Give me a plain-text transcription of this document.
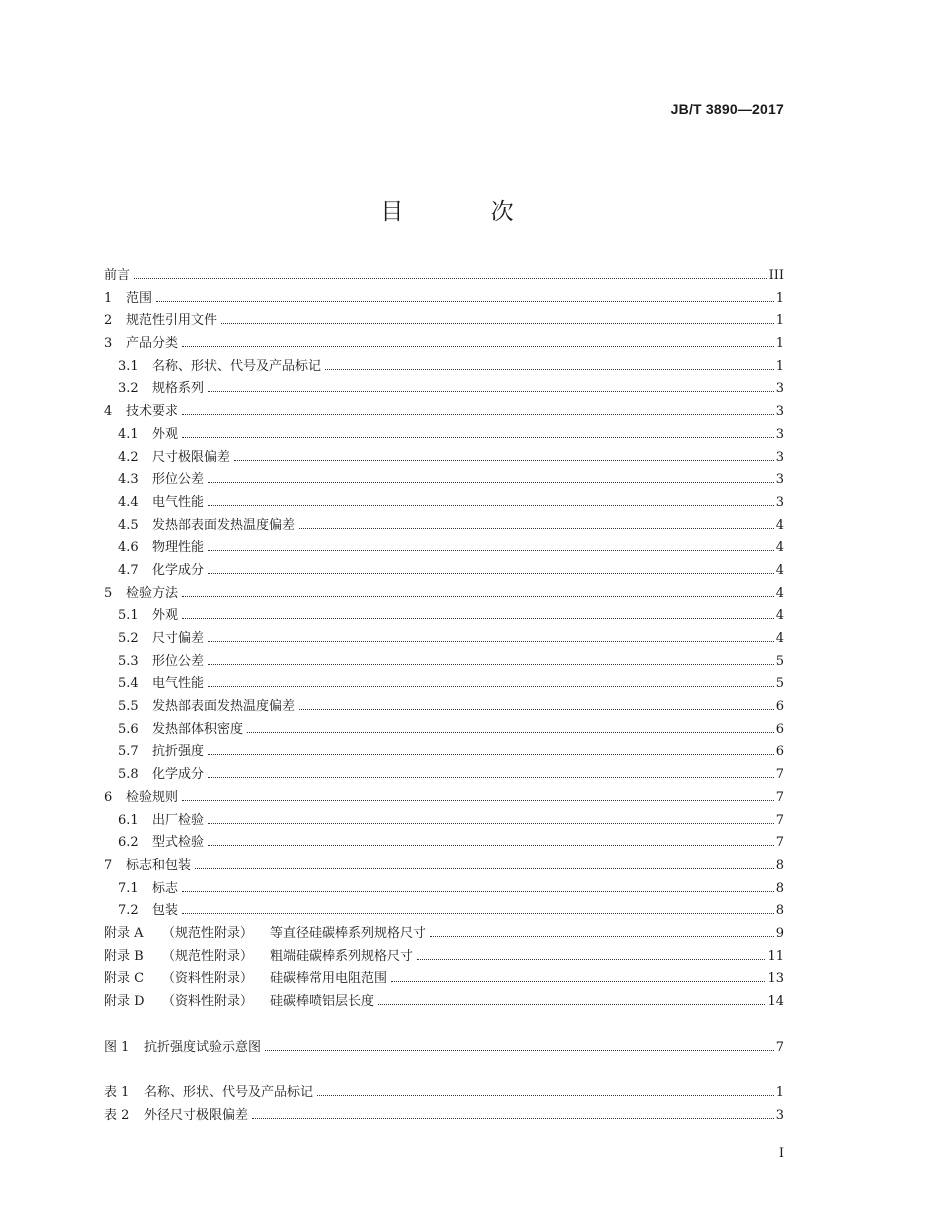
JB/T 3890—2017
目 次
前言	III
1	范围	1
2	规范性引用文件	1
3	产品分类	1
3.1	名称、形状、代号及产品标记	1
3.2	规格系列	3
4	技术要求	3
4.1	外观	3
4.2	尺寸极限偏差	3
4.3	形位公差	3
4.4	电气性能	3
4.5	发热部表面发热温度偏差	4
4.6	物理性能	4
4.7	化学成分	4
5	检验方法	4
5.1	外观	4
5.2	尺寸偏差	4
5.3	形位公差	5
5.4	电气性能	5
5.5	发热部表面发热温度偏差	6
5.6	发热部体积密度	6
5.7	抗折强度	6
5.8	化学成分	7
6	检验规则	7
6.1	出厂检验	7
6.2	型式检验	7
7	标志和包装	8
7.1	标志	8
7.2	包装	8
附录 A	（规范性附录）	等直径硅碳棒系列规格尺寸	9
附录 B	（规范性附录）	粗端硅碳棒系列规格尺寸	11
附录 C	（资料性附录）	硅碳棒常用电阻范围	13
附录 D	（资料性附录）	硅碳棒喷铝层长度	14
图 1	抗折强度试验示意图	7
表 1	名称、形状、代号及产品标记	1
表 2	外径尺寸极限偏差	3
I
